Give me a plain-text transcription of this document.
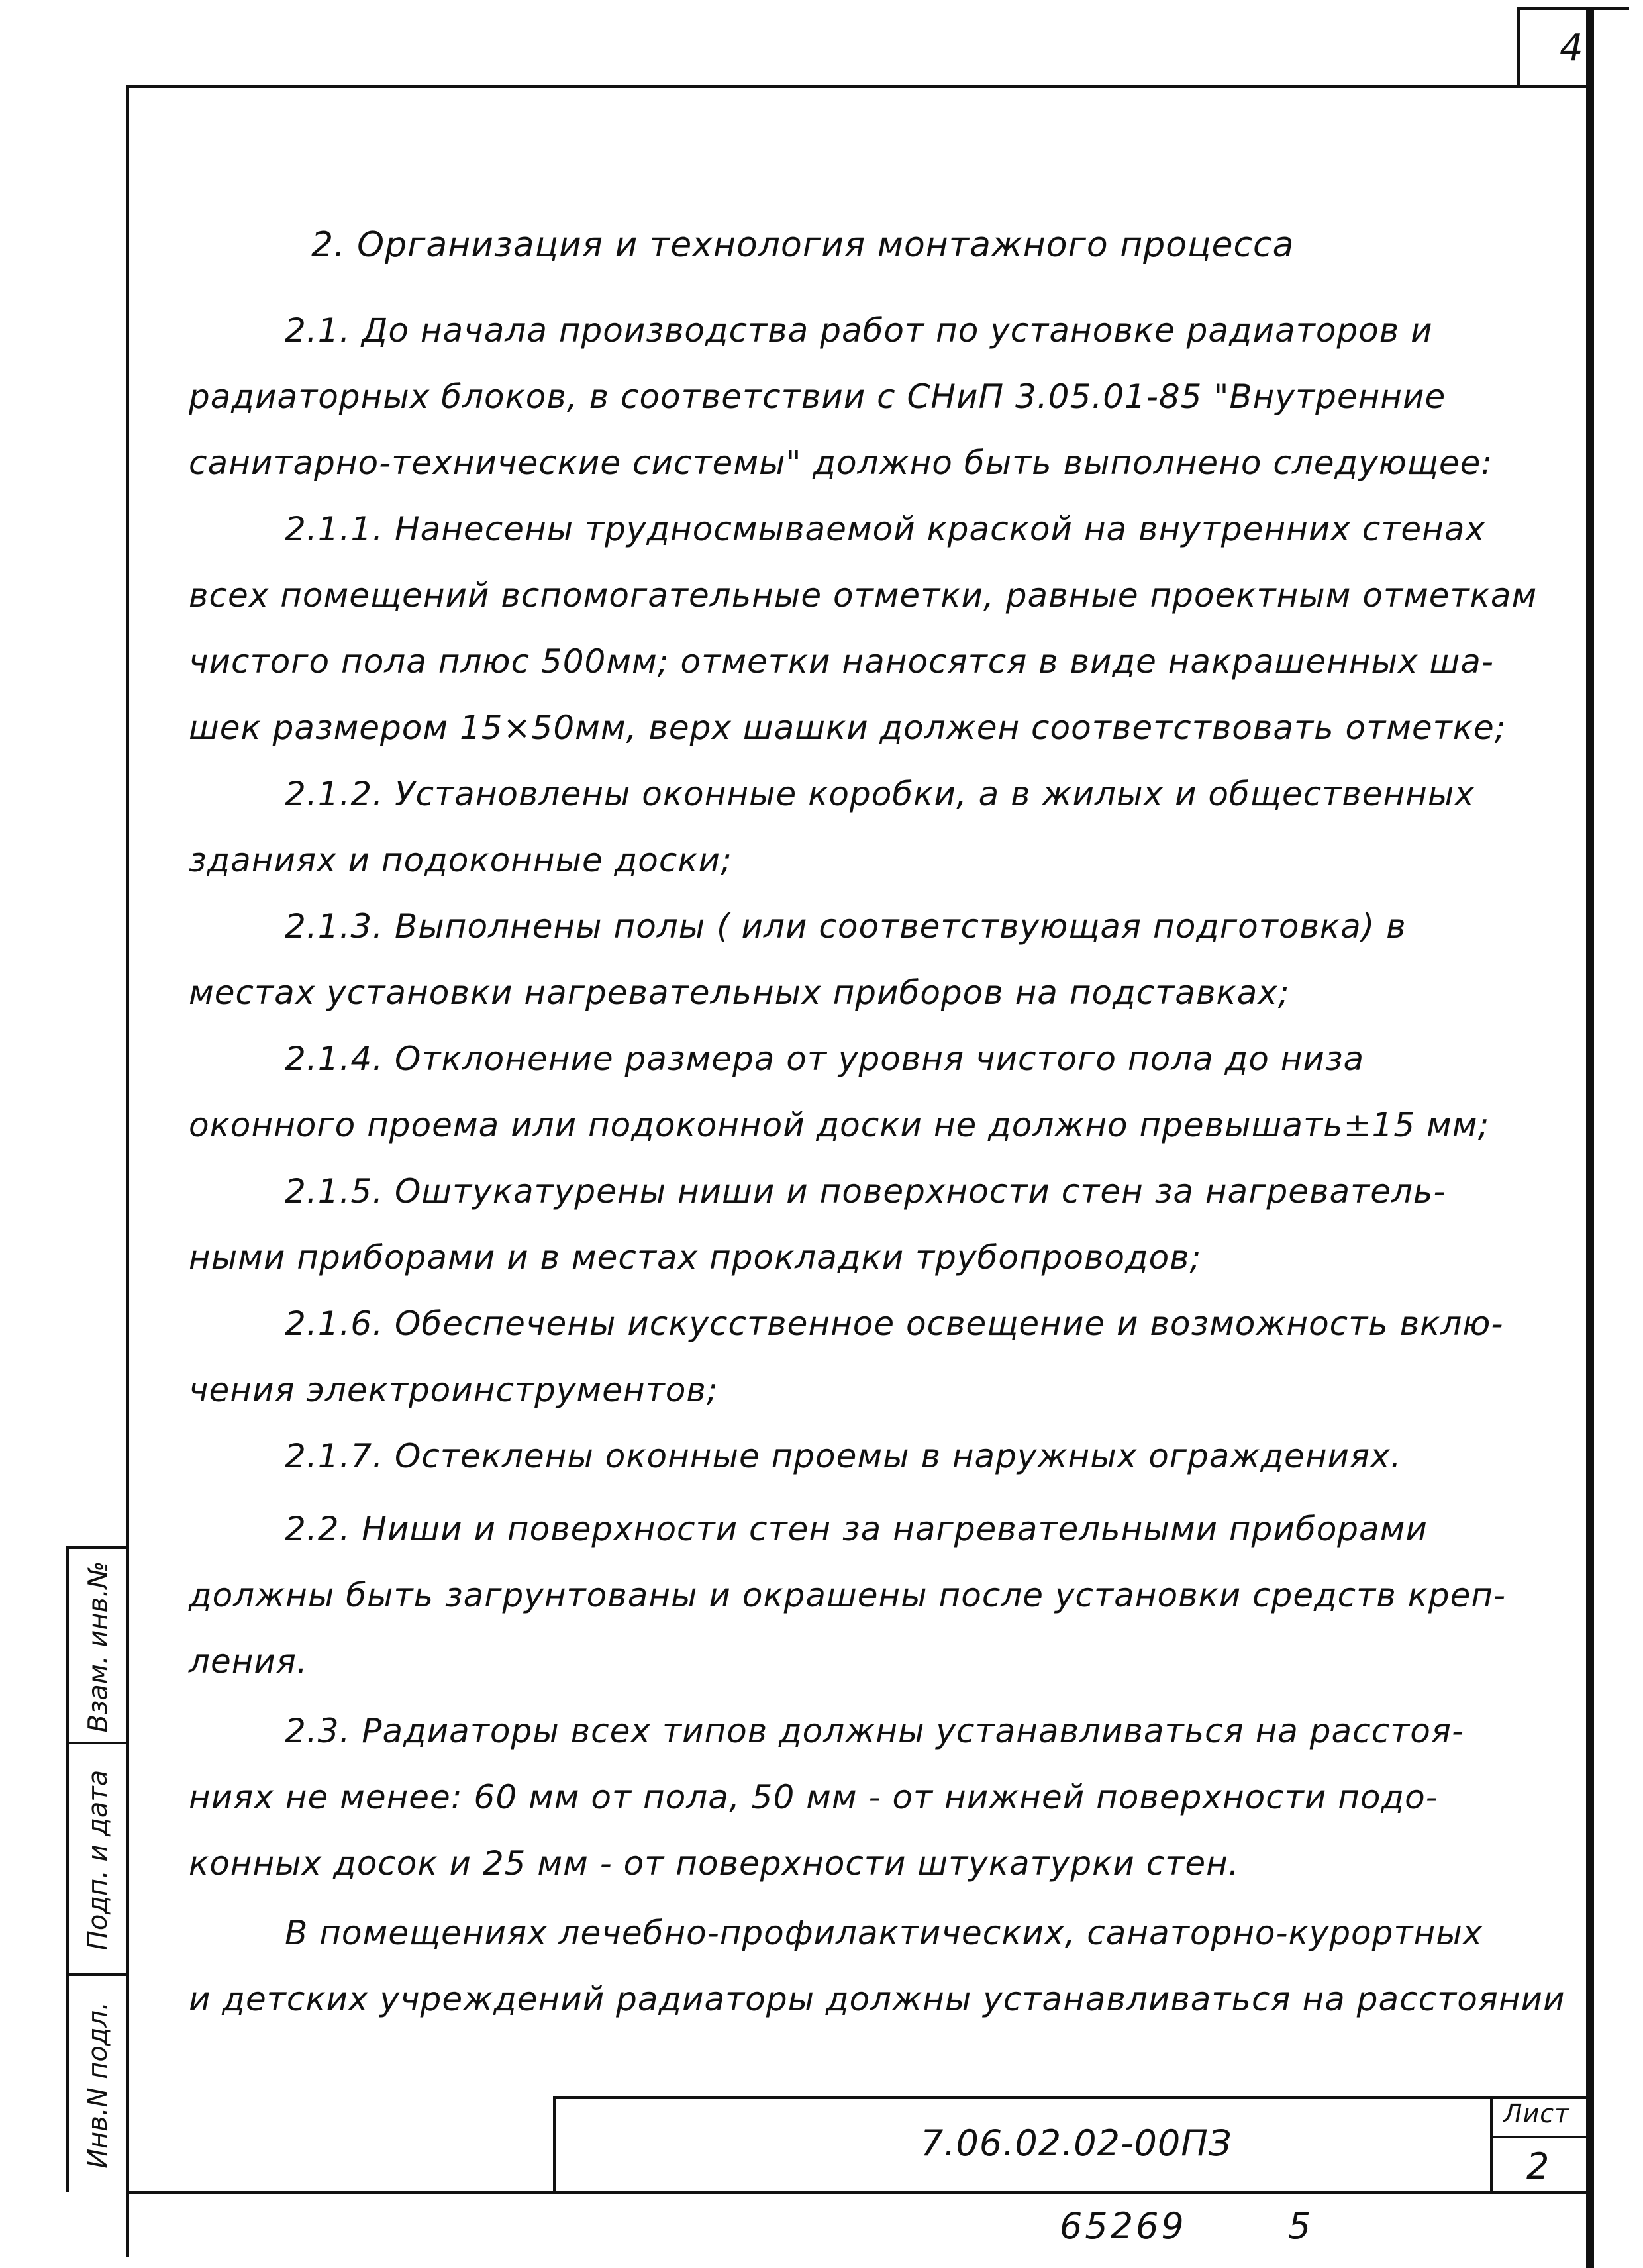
4
2. Организация и технология монтажного процесса
2.1. До начала производства работ по установке радиаторов и
радиаторных блоков, в соответствии с СНиП 3.05.01-85 "Внутренние
санитарно-технические системы" должно быть выполнено следующее:
2.1.1. Нанесены трудносмываемой краской на внутренних стенах
всех помещений вспомогательные отметки, равные проектным отметкам
чистого пола плюс 500мм; отметки наносятся в виде накрашенных ша-
шек размером 15×50мм, верх шашки должен соответствовать отметке;
2.1.2. Установлены оконные коробки, а в жилых и общественных
зданиях и подоконные доски;
2.1.3. Выполнены полы ( или соответствующая подготовка) в
местах установки нагревательных приборов на подставках;
2.1.4. Отклонение размера от уровня чистого пола до низа
оконного проема или подоконной доски не должно превышать±15 мм;
2.1.5. Оштукатурены ниши и поверхности стен за нагреватель-
ными приборами и в местах прокладки трубопроводов;
2.1.6. Обеспечены искусственное освещение и возможность вклю-
чения электроинструментов;
2.1.7. Остеклены оконные проемы в наружных ограждениях.
2.2. Ниши и поверхности стен за нагревательными приборами
должны быть загрунтованы и окрашены после установки средств креп-
ления.
2.3. Радиаторы всех типов должны устанавливаться на расстоя-
ниях не менее: 60 мм от пола, 50 мм - от нижней поверхности подо-
конных досок и 25 мм - от поверхности штукатурки стен.
В помещениях лечебно-профилактических, санаторно-курортных
и детских учреждений радиаторы должны устанавливаться на расстоянии
Взам. инв.№
Подп. и дата
Инв.N подл.	7.06.02.02-00ПЗ
Лист
2
65269	5
